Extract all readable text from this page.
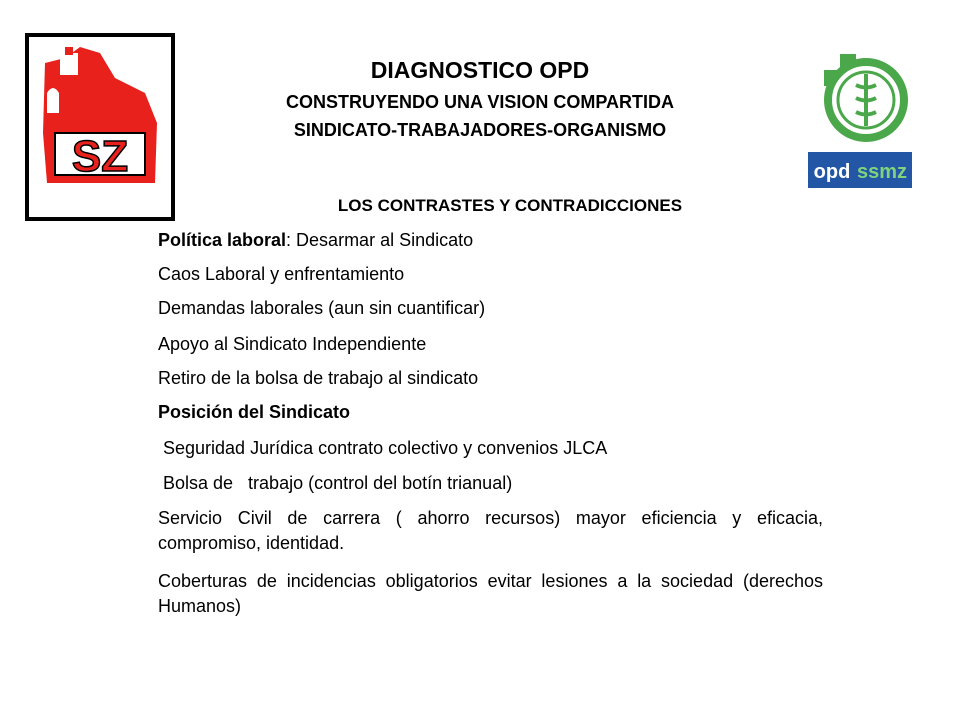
SZ
O.P.D.
opd ssmz
DIAGNOSTICO OPD
CONSTRUYENDO UNA VISION COMPARTIDA
SINDICATO-TRABAJADORES-ORGANISMO
LOS CONTRASTES Y CONTRADICCIONES
Política laboral: Desarmar al Sindicato
Caos Laboral y enfrentamiento
Demandas laborales (aun sin cuantificar)
Apoyo al Sindicato Independiente
Retiro de la bolsa de trabajo al sindicato
Posición del Sindicato
Seguridad Jurídica contrato colectivo y convenios JLCA
Bolsa de   trabajo (control del botín trianual)
Servicio Civil de carrera ( ahorro recursos) mayor eficiencia y eficacia, compromiso, identidad.
Coberturas de incidencias obligatorios evitar lesiones a la sociedad (derechos Humanos)
